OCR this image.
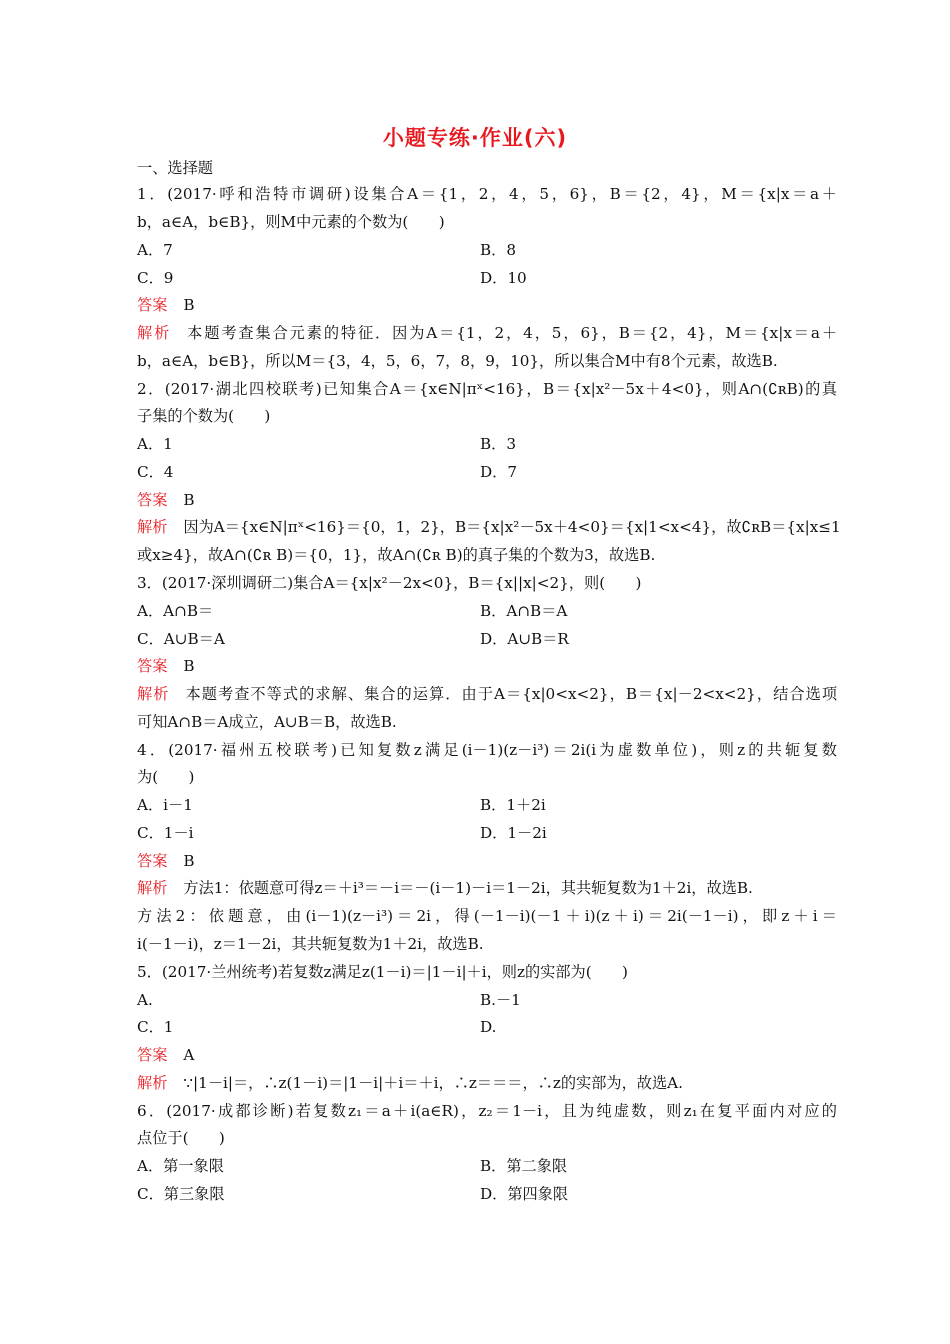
小题专练·作业(六)
一、选择题
1．(2017·呼和浩特市调研)设集合A＝{1，2，4，5，6}，B＝{2，4}，M＝{x|x＝a＋
b，a∈A，b∈B}，则M中元素的个数为(　　)
A．7	B．8
C．9	D．10
答案 B
解析 本题考查集合元素的特征．因为A＝{1，2，4，5，6}，B＝{2，4}，M＝{x|x＝a＋
b，a∈A，b∈B}，所以M＝{3，4，5，6，7，8，9，10}，所以集合M中有8个元素，故选B.
2．(2017·湖北四校联考)已知集合A＝{x∈N|πˣ<16}，B＝{x|x²－5x＋4<0}，则A∩(∁ʀB)的真
子集的个数为(　　)
A．1	B．3
C．4	D．7
答案 B
解析 因为A＝{x∈N|πˣ<16}＝{0，1，2}，B＝{x|x²－5x＋4<0}＝{x|1<x<4}，故∁ʀB＝{x|x≤1
或x≥4}，故A∩(∁ʀ B)＝{0，1}，故A∩(∁ʀ B)的真子集的个数为3，故选B.
3．(2017·深圳调研二)集合A＝{x|x²－2x<0}，B＝{x||x|<2}，则(　　)
A．A∩B＝	B．A∩B＝A
C．A∪B＝A	D．A∪B＝R
答案 B
解析 本题考查不等式的求解、集合的运算．由于A＝{x|0<x<2}，B＝{x|－2<x<2}，结合选项
可知A∩B＝A成立，A∪B＝B，故选B.
4．(2017·福州五校联考)已知复数z满足(i－1)(z－i³)＝2i(i为虚数单位)，则z的共轭复数
为(　　)
A．i－1	B．1＋2i
C．1－i	D．1－2i
答案 B
解析 方法1：依题意可得z＝＋i³＝－i＝－(i－1)－i＝1－2i，其共轭复数为1＋2i，故选B.
方法2：依题意，由(i－1)(z－i³)＝2i，得(－1－i)(－1＋i)(z＋i)＝2i(－1－i)，即z＋i＝
i(－1－i)，z＝1－2i，其共轭复数为1＋2i，故选B.
5．(2017·兰州统考)若复数z满足z(1－i)＝|1－i|＋i，则z的实部为(　　)
A.	B.－1
C．1	D.
答案 A
解析 ∵|1－i|＝，∴z(1－i)＝|1－i|＋i＝＋i，∴z＝＝＝，∴z的实部为，故选A.
6．(2017·成都诊断)若复数z₁＝a＋i(a∈R)，z₂＝1－i，且为纯虚数，则z₁在复平面内对应的
点位于(　　)
A．第一象限	B．第二象限
C．第三象限	D．第四象限
